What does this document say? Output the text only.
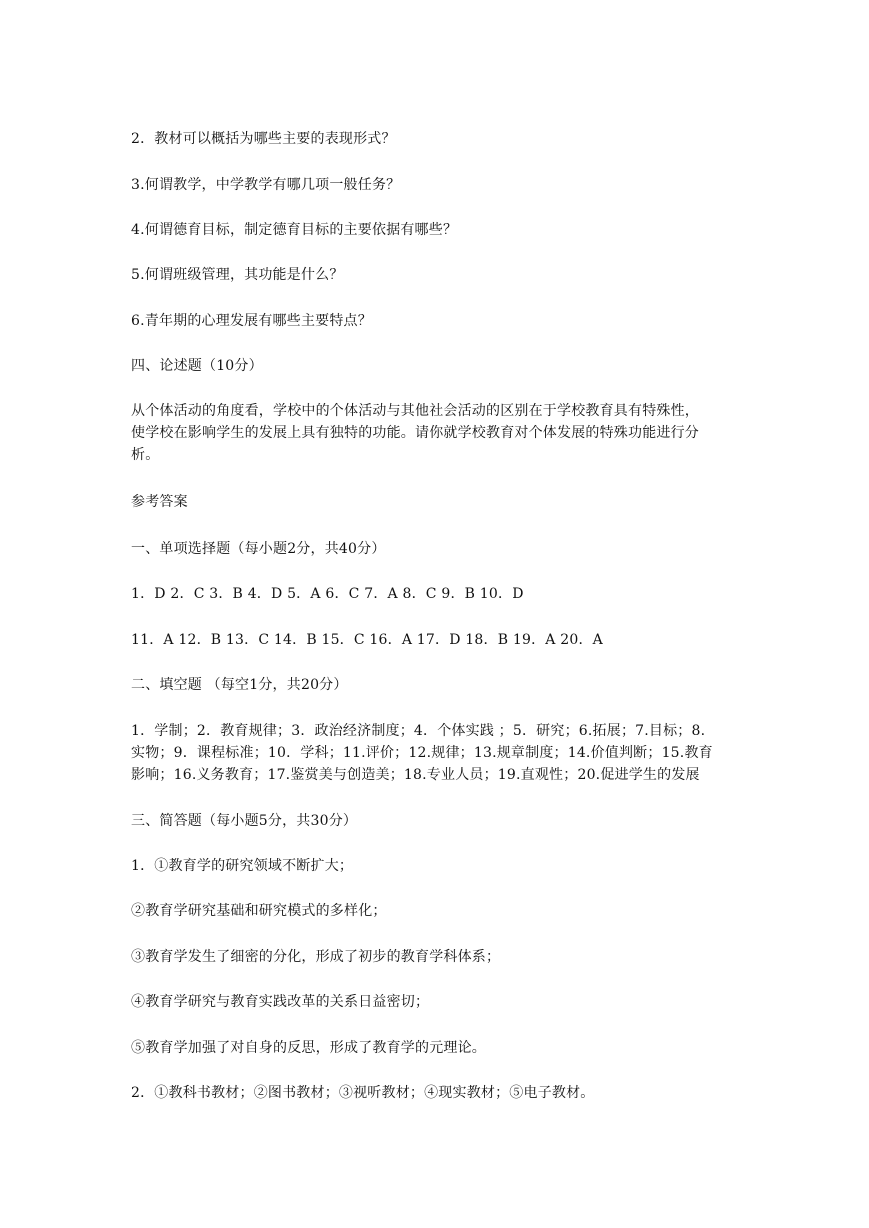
2．教材可以概括为哪些主要的表现形式？
3.何谓教学，中学教学有哪几项一般任务？
4.何谓德育目标，制定德育目标的主要依据有哪些？
5.何谓班级管理，其功能是什么？
6.青年期的心理发展有哪些主要特点？
四、论述题（10分）
从个体活动的角度看，学校中的个体活动与其他社会活动的区别在于学校教育具有特殊性，
使学校在影响学生的发展上具有独特的功能。请你就学校教育对个体发展的特殊功能进行分
析。
参考答案
一、单项选择题（每小题2分，共40分）
1．D 2．C 3．B 4．D 5．A 6．C 7．A 8．C 9．B 10．D
11．A 12．B 13．C 14．B 15．C 16．A 17．D 18．B 19．A 20．A
二、填空题 （每空1分，共20分）
1．学制；2．教育规律；3．政治经济制度；4．个体实践 ；5．研究；6.拓展；7.目标；8.
实物；9．课程标准；10．学科；11.评价；12.规律；13.规章制度；14.价值判断；15.教育
影响；16.义务教育；17.鉴赏美与创造美；18.专业人员；19.直观性；20.促进学生的发展
三、简答题（每小题5分，共30分）
1．①教育学的研究领域不断扩大；
②教育学研究基础和研究模式的多样化；
③教育学发生了细密的分化，形成了初步的教育学科体系；
④教育学研究与教育实践改革的关系日益密切；
⑤教育学加强了对自身的反思，形成了教育学的元理论。
2．①教科书教材；②图书教材；③视听教材；④现实教材；⑤电子教材。
